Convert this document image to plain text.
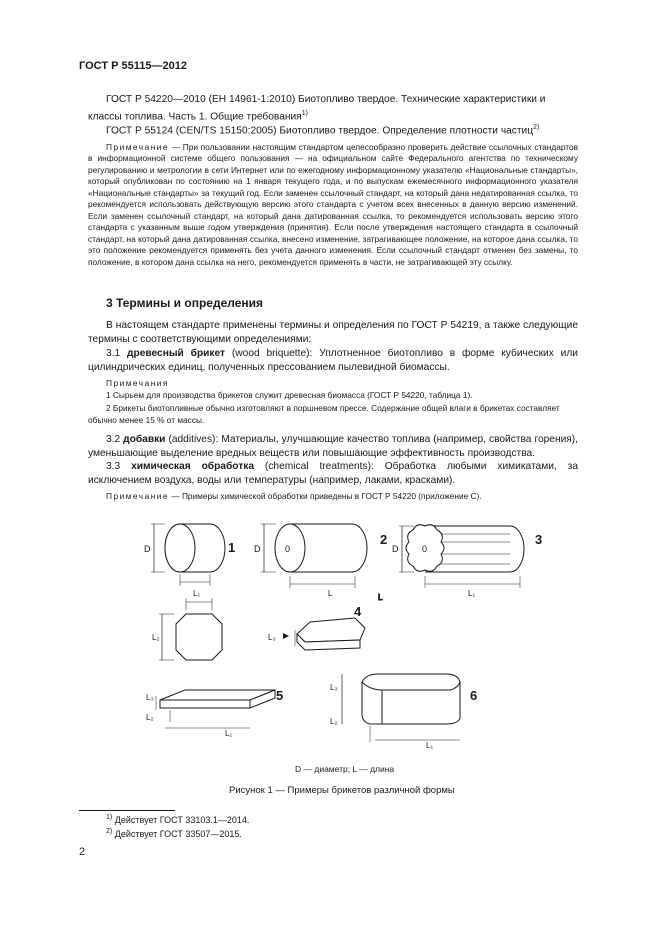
ГОСТ Р 55115—2012

ГОСТ Р 54220—2010 (ЕН 14961-1:2010) Биотопливо твердое. Технические характеристики и классы топлива. Часть 1. Общие требования$^{1)}$

ГОСТ Р 55124 (CEN/TS 15150:2005) Биотопливо твердое. Определение плотности частиц$^{2)}$

Примечание — При пользовании настоящим стандартом целесообразно проверить действие ссылочных стандартов в информационной системе общего пользования — на официальном сайте Федерального агентства по техническому регулированию и метрологии в сети Интернет или по ежегодному информационному указателю «Национальные стандарты», который опубликован по состоянию на 1 января текущего года, и по выпускам ежемесячного информационного указателя «Национальные стандарты» за текущий год. Если заменен ссылочный стандарт, на который дана недатированная ссылка, то рекомендуется использовать действующую версию этого стандарта с учетом всех внесенных в данную версию изменений. Если заменен ссылочный стандарт, на который дана датированная ссылка, то рекомендуется использовать версию этого стандарта с указанным выше годом утверждения (принятия). Если после утверждения настоящего стандарта в ссылочный стандарт, на который дана датированная ссылка, внесено изменение, затрагивающее положение, на которое дана ссылка, то это положение рекомендуется применять без учета данного изменения. Если ссылочный стандарт отменен без замены, то положение, в котором дана ссылка на него, рекомендуется применять в части, не затрагивающей эту ссылку.

3 Термины и определения

В настоящем стандарте применены термины и определения по ГОСТ Р 54219, а также следующие термины с соответствующими определениями:

3.1 древесный брикет (wood briquette): Уплотненное биотопливо в форме кубических или цилиндрических единиц, полученных прессованием пылевидной биомассы.

Примечания

1 Сырьем для производства брикетов служит древесная биомасса (ГОСТ Р 54220, таблица 1).

2 Брикеты биотопливные обычно изготовляют в поршневом прессе. Содержание общей влаги в брикетах составляет обычно менее 15 % от массы.

3.2 добавки (additives): Материалы, улучшающие качество топлива (например, свойства горения), уменьшающие выделение вредных веществ или повышающие эффективность производства.

3.3 химическая обработка (chemical treatments): Обработка любыми химикатами, за исключением воздуха, воды или температуры (например, лаками, красками).

Примечание — Примеры химической обработки приведены в ГОСТ Р 54220 (приложение С).

D
L₁
1 D	0
L
2
0
D
L₁
3
L
L₂	L₃
4
L₃
L₂
L₁
5
L₃
L₂
L₁
6
D — диаметр; L — длина
Рисунок 1 — Примеры брикетов различной формы
$^{1)}$ Действует ГОСТ 33103.1—2014.
$^{2)}$ Действует ГОСТ 33507—2015.
2
